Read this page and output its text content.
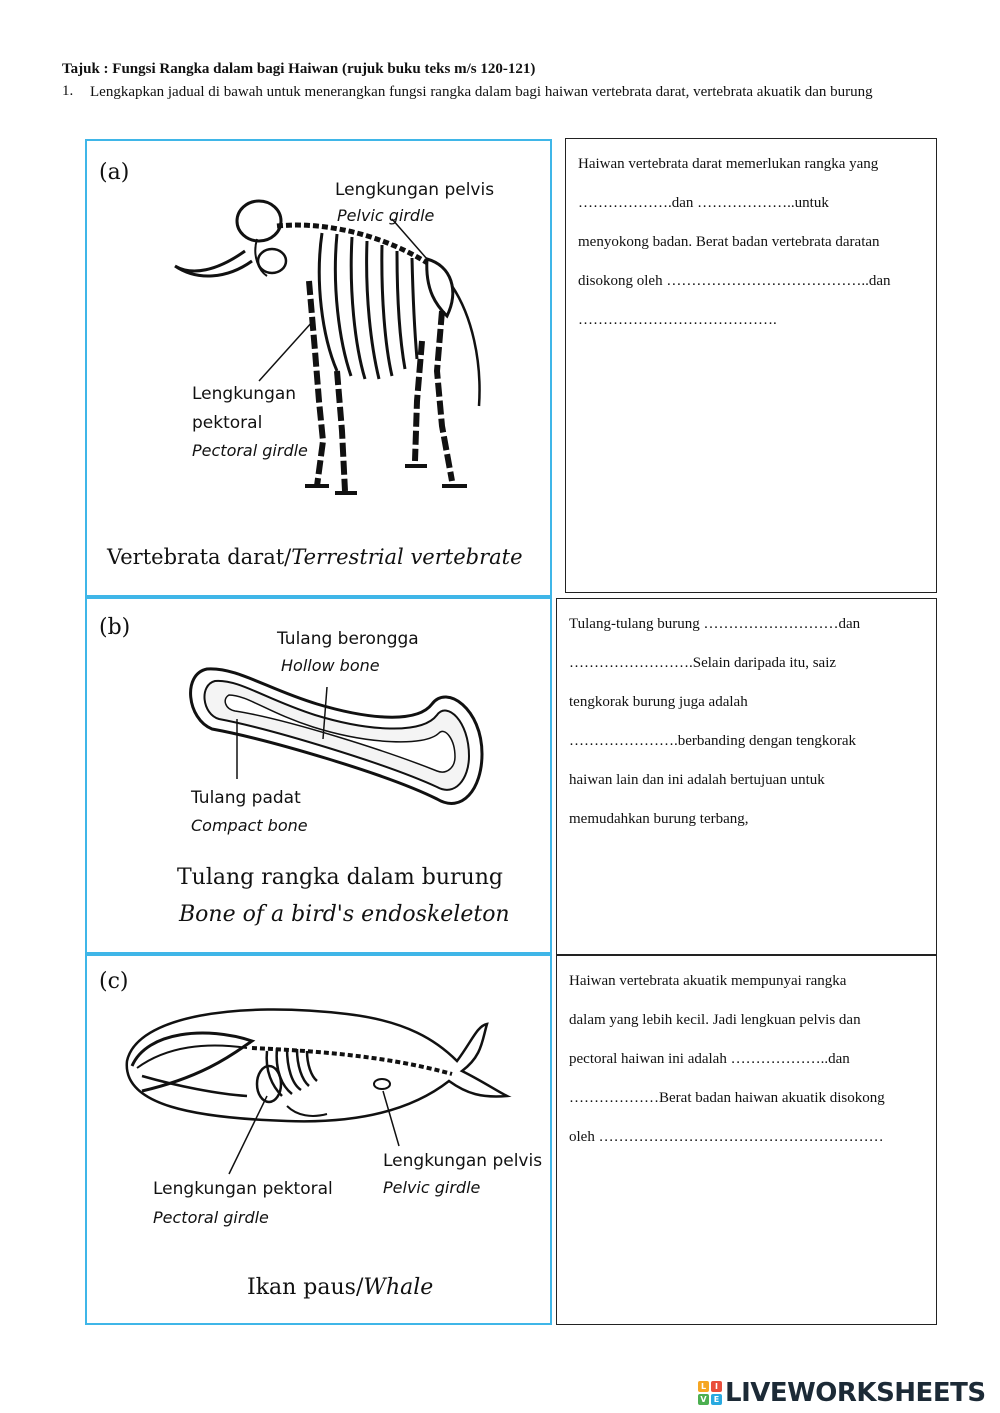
Tajuk : Fungsi Rangka dalam bagi Haiwan (rujuk buku teks m/s 120-121)
1. Lengkapkan jadual di bawah untuk menerangkan fungsi rangka dalam bagi haiwan vertebrata darat, vertebrata akuatik dan burung
(a)
Lengkungan pelvis
Pelvic girdle
Lengkungan
pektoral
Pectoral girdle
Vertebrata darat/Terrestrial vertebrate
Haiwan vertebrata darat memerlukan rangka yang
……………….dan ………………..untuk
menyokong badan. Berat badan vertebrata daratan
disokong oleh …………………………………..dan
………………………………….
(b)	Tulang berongga
Hollow bone
Tulang padat
Compact bone
Tulang rangka dalam burung
Bone of a bird's endoskeleton
Tulang-tulang burung ………………………dan
…………………….Selain daripada itu, saiz
tengkorak burung juga adalah
………………….berbanding dengan tengkorak
haiwan lain dan ini adalah bertujuan untuk
memudahkan burung terbang,
(c)
Lengkungan pelvis
Pelvic girdle
Lengkungan pektoral
Pectoral girdle
Ikan paus/Whale
Haiwan vertebrata akuatik mempunyai rangka
dalam yang lebih kecil. Jadi lengkuan pelvis dan
pectoral haiwan ini adalah ………………..dan
………………Berat badan haiwan akuatik disokong
oleh …………………………………………………
L	I
V E LIVEWORKSHEETS
